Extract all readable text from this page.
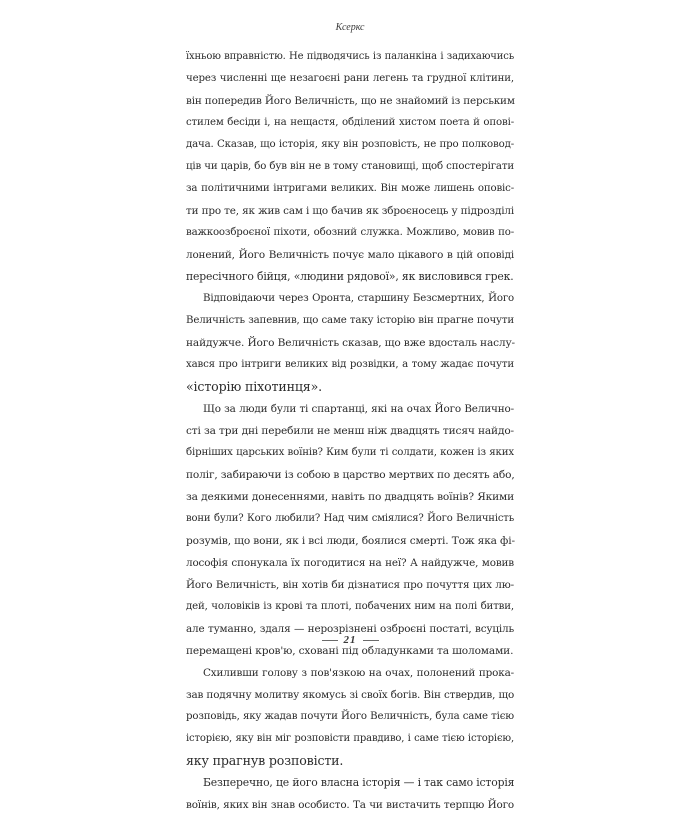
Ксеркс
їхньою вправністю. Не підводячись із паланкіна і задихаючись
через численні ще незагоєні рани легень та грудної клітини,
він попередив Його Величність, що не знайомий із перським
стилем бесіди і, на нещастя, обділений хистом поета й опові-
дача. Сказав, що історія, яку він розповість, не про полковод-
ців чи царів, бо був він не в тому становищі, щоб спостерігати
за політичними інтригами великих. Він може лишень оповіс-
ти про те, як жив сам і що бачив як зброєносець у підрозділі
важкоозброєної піхоти, обозний служка. Можливо, мовив по-
лонений, Його Величність почує мало цікавого в цій оповіді
пересічного бійця, «людини рядової», як висловився грек.
Відповідаючи через Оронта, старшину Безсмертних, Його
Величність запевнив, що саме таку історію він прагне почути
найдужче. Його Величність сказав, що вже вдосталь наслу-
хався про інтриги великих від розвідки, а тому жадає почути
«історію піхотинця».
Що за люди були ті спартанці, які на очах Його Велично-
сті за три дні перебили не менш ніж двадцять тисяч найдо-
бірніших царських воїнів? Ким були ті солдати, кожен із яких
поліг, забираючи із собою в царство мертвих по десять або,
за деякими донесеннями, навіть по двадцять воїнів? Якими
вони були? Кого любили? Над чим сміялися? Його Величність
розумів, що вони, як і всі люди, боялися смерті. Тож яка фі-
лософія спонукала їх погодитися на неї? А найдужче, мовив
Його Величність, він хотів би дізнатися про почуття цих лю-
дей, чоловіків із крові та плоті, побачених ним на полі битви,
але туманно, здаля — нерозрізнені озброєні постаті, всуціль
перемащені кров'ю, сховані під обладунками та шоломами.
Схиливши голову з пов'язкою на очах, полонений прока-
зав подячну молитву якомусь зі своїх богів. Він ствердив, що
розповідь, яку жадав почути Його Величність, була саме тією
історією, яку він міг розповісти правдиво, і саме тією історією,
яку прагнув розповісти.
Безперечно, це його власна історія — і так само історія
воїнів, яких він знав особисто. Та чи вистачить терпцю Його
21
